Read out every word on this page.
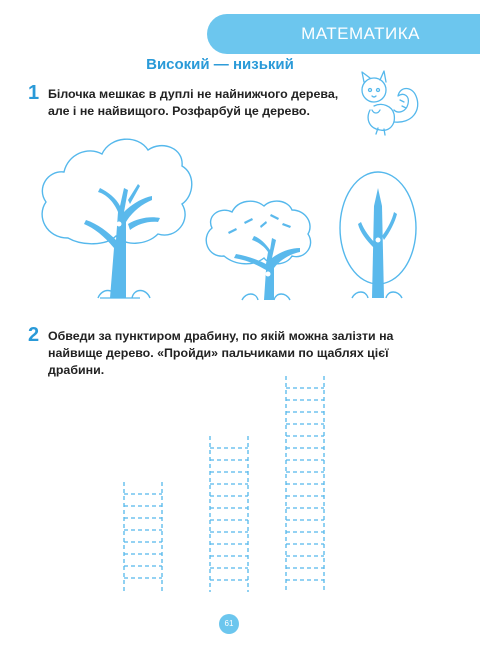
МАТЕМАТИКА
Високий — низький
1 Білочка мешкає в дуплі не найнижчого дерева,
але і не найвищого. Розфарбуй це дерево.
2 Обведи за пунктиром драбину, по якій можна залізти на
найвище дерево. «Пройди» пальчиками по щаблях цієї
драбини.
61
